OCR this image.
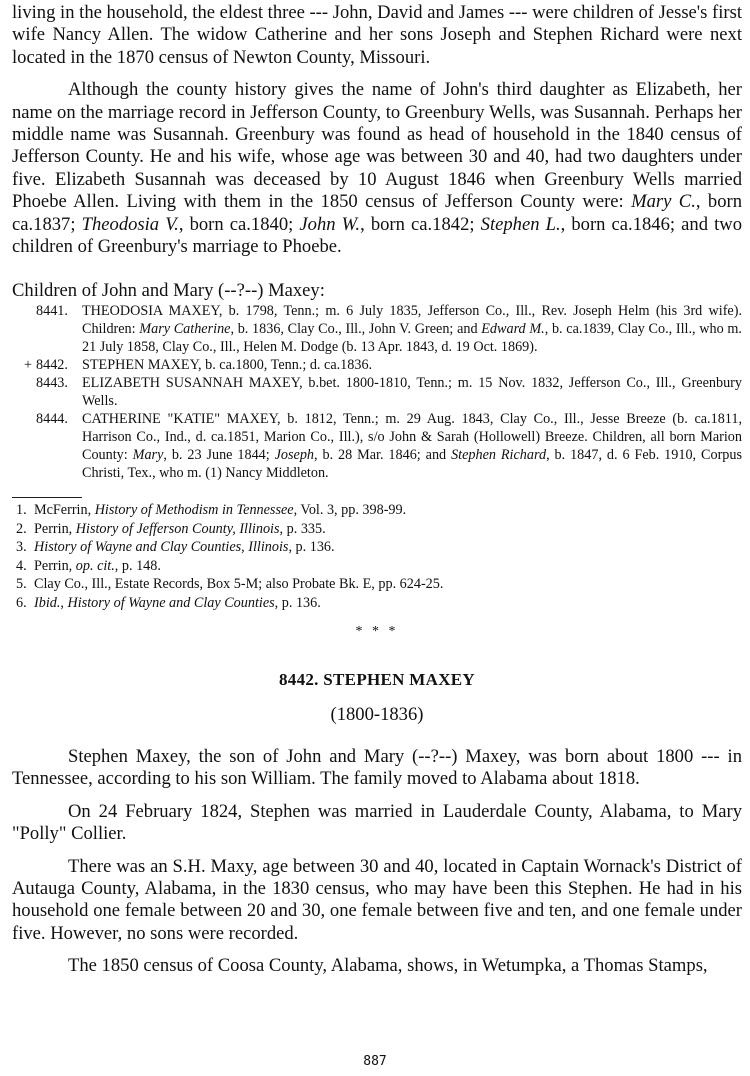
living in the household, the eldest three --- John, David and James --- were children of Jesse's first wife Nancy Allen. The widow Catherine and her sons Joseph and Stephen Richard were next located in the 1870 census of Newton County, Missouri.

Although the county history gives the name of John's third daughter as Elizabeth, her name on the marriage record in Jefferson County, to Greenbury Wells, was Susannah. Perhaps her middle name was Susannah. Greenbury was found as head of household in the 1840 census of Jefferson County. He and his wife, whose age was between 30 and 40, had two daughters under five. Elizabeth Susannah was deceased by 10 August 1846 when Greenbury Wells married Phoebe Allen. Living with them in the 1850 census of Jefferson County were: Mary C., born ca.1837; Theodosia V., born ca.1840; John W., born ca.1842; Stephen L., born ca.1846; and two children of Greenbury's marriage to Phoebe.

Children of John and Mary (--?--) Maxey:

8441. THEODOSIA MAXEY, b. 1798, Tenn.; m. 6 July 1835, Jefferson Co., Ill., Rev. Joseph Helm (his 3rd wife). Children: Mary Catherine, b. 1836, Clay Co., Ill., John V. Green; and Edward M., b. ca.1839, Clay Co., Ill., who m. 21 July 1858, Clay Co., Ill., Helen M. Dodge (b. 13 Apr. 1843, d. 19 Oct. 1869).

+ 8442. STEPHEN MAXEY, b. ca.1800, Tenn.; d. ca.1836.

8443. ELIZABETH SUSANNAH MAXEY, b.bet. 1800-1810, Tenn.; m. 15 Nov. 1832, Jefferson Co., Ill., Greenbury Wells.

8444. CATHERINE "KATIE" MAXEY, b. 1812, Tenn.; m. 29 Aug. 1843, Clay Co., Ill., Jesse Breeze (b. ca.1811, Harrison Co., Ind., d. ca.1851, Marion Co., Ill.), s/o John & Sarah (Hollowell) Breeze. Children, all born Marion County: Mary, b. 23 June 1844; Joseph, b. 28 Mar. 1846; and Stephen Richard, b. 1847, d. 6 Feb. 1910, Corpus Christi, Tex., who m. (1) Nancy Middleton.

1. McFerrin, History of Methodism in Tennessee, Vol. 3, pp. 398-99.

2. Perrin, History of Jefferson County, Illinois, p. 335.

3. History of Wayne and Clay Counties, Illinois, p. 136.

4. Perrin, op. cit., p. 148.

5. Clay Co., Ill., Estate Records, Box 5-M; also Probate Bk. E, pp. 624-25.

6. Ibid., History of Wayne and Clay Counties, p. 136.

* * *
8442. STEPHEN MAXEY
(1800-1836)

Stephen Maxey, the son of John and Mary (--?--) Maxey, was born about 1800 --- in Tennessee, according to his son William. The family moved to Alabama about 1818.

On 24 February 1824, Stephen was married in Lauderdale County, Alabama, to Mary "Polly" Collier.

There was an S.H. Maxy, age between 30 and 40, located in Captain Wornack's District of Autauga County, Alabama, in the 1830 census, who may have been this Stephen. He had in his household one female between 20 and 30, one female between five and ten, and one female under five. However, no sons were recorded.

The 1850 census of Coosa County, Alabama, shows, in Wetumpka, a Thomas Stamps,

887
